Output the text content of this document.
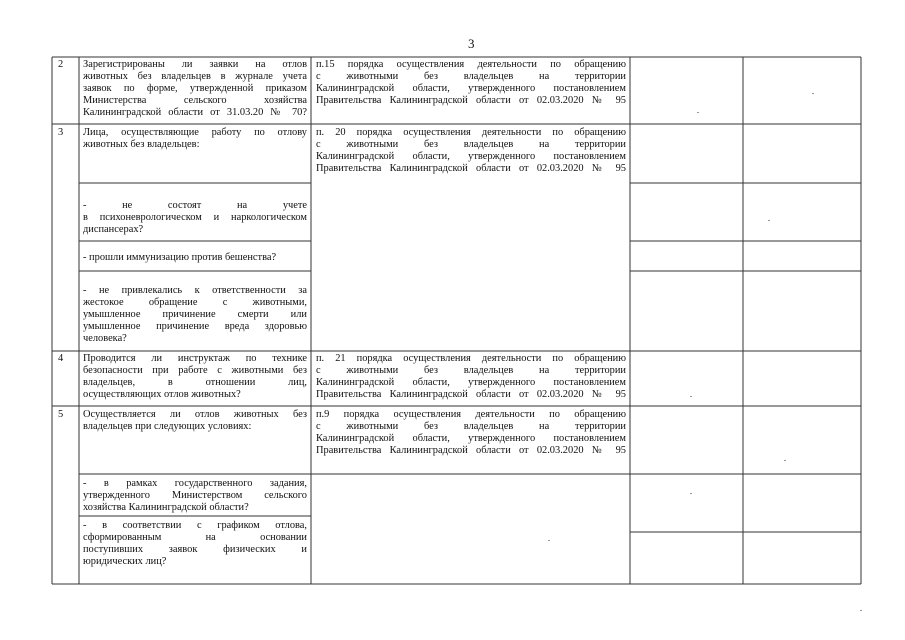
3
2 Зарегистрированы ли заявки на отлов
животных без владельцев в журнале учета
заявок по форме, утвержденной приказом
Министерства сельского хозяйства
Калининградской области от 31.03.20 № 70?
п.15 порядка осуществления деятельности по обращению
с животными без владельцев на территории
Калининградской области, утвержденного постановлением
Правительства Калининградской области от 02.03.2020 № 95
3 Лица, осуществляющие работу по отлову
животных без владельцев:
п. 20 порядка осуществления деятельности по обращению
с животными без владельцев на территории
Калининградской области, утвержденного постановлением
Правительства Калининградской области от 02.03.2020 № 95
- не состоят на учете
в психоневрологическом и наркологическом
диспансерах?
- прошли иммунизацию против бешенства?
- не привлекались к ответственности за
жестокое обращение с животными,
умышленное причинение смерти или
умышленное причинение вреда здоровью
человека?
4 Проводится ли инструктаж по технике
безопасности при работе с животными без
владельцев, в отношении лиц,
осуществляющих отлов животных?
п. 21 порядка осуществления деятельности по обращению
с животными без владельцев на территории
Калининградской области, утвержденного постановлением
Правительства Калининградской области от 02.03.2020 № 95
5 Осуществляется ли отлов животных без
владельцев при следующих условиях:
п.9 порядка осуществления деятельности по обращению
с животными без владельцев на территории
Калининградской области, утвержденного постановлением
Правительства Калининградской области от 02.03.2020 № 95
- в рамках государственного задания,
утвержденного Министерством сельского
хозяйства Калининградской области?
- в соответствии с графиком отлова,
сформированным на основании
поступивших заявок физических и
юридических лиц?
